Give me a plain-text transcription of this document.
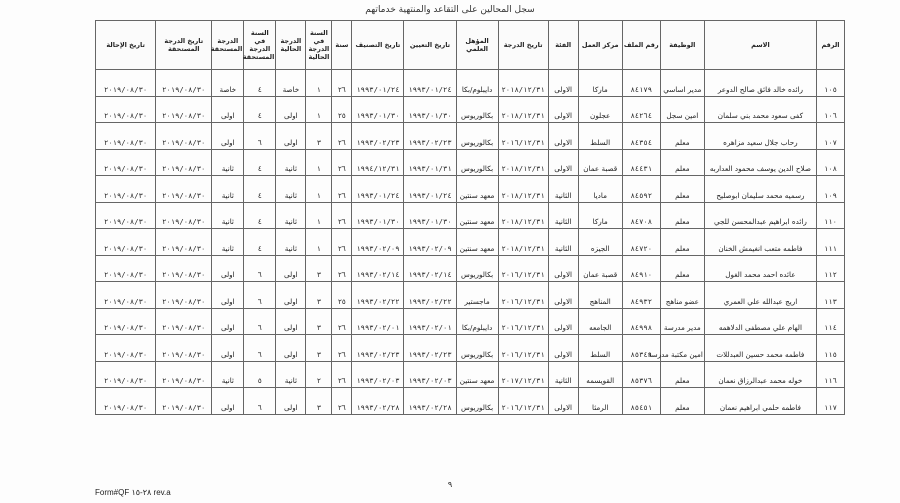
سجل المحالين على التقاعد والمنتهية خدماتهم
الرقم	الاسم	الوظيفة	رقم الملف	مركز العمل	الفئة	تاريخ الدرجة	المؤهل العلمي	تاريخ التعيين	تاريخ التصنيف	سنة	السنة في الدرجة الحالية	الدرجة الحالية	السنة في الدرجة المستحقة	الدرجة المستحقة	تاريخ الدرجة المستحقة	تاريخ الإحالة
١٠٥	رائده خالد فائق صالح الدوعر	مدير اساسي	٨٤١٧٩	ماركا	الاولى	٢٠١٨/١٢/٣١	دايبلوم/بكا	١٩٩٣/٠١/٢٤	١٩٩٣/٠١/٢٤	٢٦	١	خاصة	٤	خاصة	٢٠١٩/٠٨/٣٠	٢٠١٩/٠٨/٣٠
١٠٦	كفى سعود محمد بني سلمان	امين سجل	٨٤٢٦٤	عجلون	الاولى	٢٠١٨/١٢/٣١	بكالوريوس	١٩٩٣/٠١/٣٠	١٩٩٣/٠١/٣٠	٢٥	١	اولى	٤	اولى	٢٠١٩/٠٨/٣٠	٢٠١٩/٠٨/٣٠
١٠٧	رحاب جلال سعيد مزاهره	معلم	٨٤٣٥٤	السلط	الاولى	٢٠١٦/١٢/٣١	بكالوريوس	١٩٩٣/٠٢/٢٣	١٩٩٣/٠٢/٢٣	٢٦	٣	اولى	٦	اولى	٢٠١٩/٠٨/٣٠	٢٠١٩/٠٨/٣٠
١٠٨	صلاح الدين يوسف محمود العداربه	معلم	٨٤٤٣١	قصبة عمان	الاولى	٢٠١٨/١٢/٣١	بكالوريوس	١٩٩٣/٠١/٣١	١٩٩٤/١٢/٣١	٢٦	١	ثانية	٤	ثانية	٢٠١٩/٠٨/٣٠	٢٠١٩/٠٨/٣٠
١٠٩	رسميه محمد سليمان ابوصليح	معلم	٨٤٥٩٢	ماديا	الثانية	٢٠١٨/١٢/٣١	معهد سنتين	١٩٩٣/٠١/٢٤	١٩٩٣/٠١/٢٤	٢٦	١	ثانية	٤	ثانية	٢٠١٩/٠٨/٣٠	٢٠١٩/٠٨/٣٠
١١٠	رائده ابراهيم عبدالمحسن للجي	معلم	٨٤٧٠٨	ماركا	الثانية	٢٠١٨/١٢/٣١	معهد سنتين	١٩٩٣/٠١/٣٠	١٩٩٣/٠١/٣٠	٢٦	١	ثانية	٤	ثانية	٢٠١٩/٠٨/٣٠	٢٠١٩/٠٨/٣٠
١١١	فاطمه متعب انغيمش الخنان	معلم	٨٤٧٢٠	الجيزه	الثانية	٢٠١٨/١٢/٣١	معهد سنتين	١٩٩٣/٠٢/٠٩	١٩٩٣/٠٢/٠٩	٢٦	١	ثانية	٤	ثانية	٢٠١٩/٠٨/٣٠	٢٠١٩/٠٨/٣٠
١١٢	عائده احمد محمد الغول	معلم	٨٤٩١٠	قصبة عمان	الاولى	٢٠١٦/١٢/٣١	بكالوريوس	١٩٩٣/٠٢/١٤	١٩٩٣/٠٢/١٤	٢٦	٣	اولى	٦	اولى	٢٠١٩/٠٨/٣٠	٢٠١٩/٠٨/٣٠
١١٣	اريج عبدالله علي العمري	عضو مناهج	٨٤٩٣٢	المناهج	الاولى	٢٠١٦/١٢/٣١	ماجستير	١٩٩٣/٠٢/٢٢	١٩٩٣/٠٢/٢٢	٢٥	٣	اولى	٦	اولى	٢٠١٩/٠٨/٣٠	٢٠١٩/٠٨/٣٠
١١٤	الهام علي مصطفى الدلاهمه	مدير مدرسة	٨٤٩٩٨	الجامعه	الاولى	٢٠١٦/١٢/٣١	دايبلوم/بكا	١٩٩٣/٠٢/٠١	١٩٩٣/٠٢/٠١	٢٦	٣	اولى	٦	اولى	٢٠١٩/٠٨/٣٠	٢٠١٩/٠٨/٣٠
١١٥	فاطمه محمد حسين العبدللات	امين مكتبة مدرسة	٨٥٣٤٩	السلط	الاولى	٢٠١٦/١٢/٣١	بكالوريوس	١٩٩٣/٠٢/٢٣	١٩٩٣/٠٢/٢٣	٢٦	٣	اولى	٦	اولى	٢٠١٩/٠٨/٣٠	٢٠١٩/٠٨/٣٠
١١٦	خوله محمد عبدالرزاق نعمان	معلم	٨٥٣٧٦	القويسمه	الثانية	٢٠١٧/١٢/٣١	معهد سنتين	١٩٩٣/٠٢/٠٣	١٩٩٣/٠٢/٠٣	٢٦	٢	ثانية	٥	ثانية	٢٠١٩/٠٨/٣٠	٢٠١٩/٠٨/٣٠
١١٧	فاطمه حلمي ابراهيم نعمان	معلم	٨٥٤٥١	الرمثا	الاولى	٢٠١٦/١٢/٣١	بكالوريوس	١٩٩٣/٠٢/٢٨	١٩٩٣/٠٢/٢٨	٢٦	٣	اولى	٦	اولى	٢٠١٩/٠٨/٣٠	٢٠١٩/٠٨/٣٠
٩
Form#QF ٢٨-١٥ rev.a
